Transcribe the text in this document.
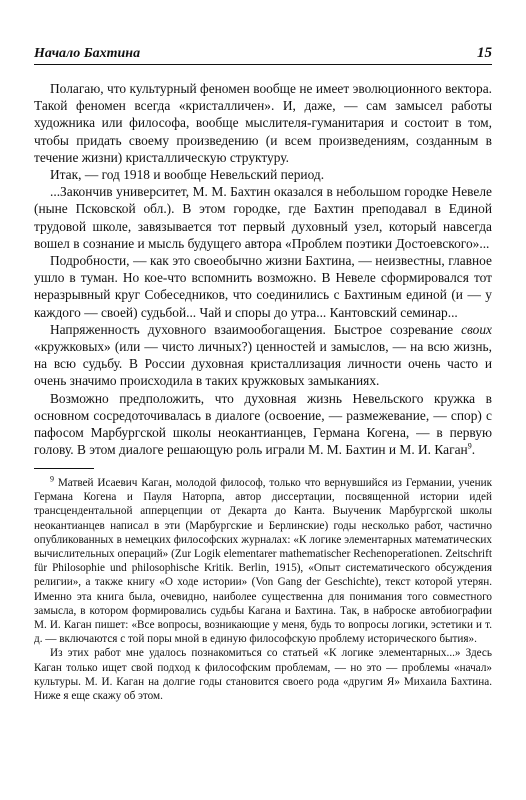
Начало Бахтина	15

Полагаю, что культурный феномен вообще не имеет эволюционного вектора. Такой феномен всегда «кристалличен». И, даже, — сам замысел работы художника или философа, вообще мыслителя-гуманитария и состоит в том, чтобы придать своему произведению (и всем произведениям, созданным в течение жизни) кристаллическую структуру.

Итак, — год 1918 и вообще Невельский период.

...Закончив университет, М. М. Бахтин оказался в небольшом городке Невеле (ныне Псковской обл.). В этом городке, где Бахтин преподавал в Единой трудовой школе, завязывается тот первый духовный узел, который навсегда вошел в сознание и мысль будущего автора «Проблем поэтики Достоевского»...

Подробности, — как это своеобычно жизни Бахтина, — неизвестны, главное ушло в туман. Но кое-что вспомнить возможно. В Невеле сформировался тот неразрывный круг Собеседников, что соединились с Бахтиным единой (и — у каждого — своей) судьбой... Чай и споры до утра... Кантовский семинар...

Напряженность духовного взаимообогащения. Быстрое созревание своих «кружковых» (или — чисто личных?) ценностей и замыслов, — на всю жизнь, на всю судьбу. В России духовная кристаллизация личности очень часто и очень значимо происходила в таких кружковых замыканиях.

Возможно предположить, что духовная жизнь Невельского кружка в основном сосредоточивалась в диалоге (освоение, — размежевание, — спор) с пафосом Марбургской школы неокантианцев, Германа Когена, — в первую голову. В этом диалоге решающую роль играли М. М. Бахтин и М. И. Каган$^9$.

$^9$ Матвей Исаевич Каган, молодой философ, только что вернувшийся из Германии, ученик Германа Когена и Пауля Наторпа, автор диссертации, посвященной истории идей трансцендентальной апперцепции от Декарта до Канта. Выученик Марбургской школы неокантианцев написал в эти (Марбургские и Берлинские) годы несколько работ, частично опубликованных в немецких философских журналах: «К логике элементарных математических вычислительных операций» (Zur Logik elementarer mathematischer Rechenoperationen. Zeitschrift für Philosophie und philosophische Kritik. Berlin, 1915), «Опыт систематического обсуждения религии», а также книгу «О ходе истории» (Von Gang der Geschichte), текст которой утерян. Именно эта книга была, очевидно, наиболее существенна для понимания того совместного замысла, в котором формировались судьбы Кагана и Бахтина. Так, в наброске автобиографии М. И. Каган пишет: «Все вопросы, возникающие у меня, будь то вопросы логики, эстетики и т. д. — включаются с той поры мной в единую философскую проблему исторического бытия».

Из этих работ мне удалось познакомиться со статьей «К логике элементарных...» Здесь Каган только ищет свой подход к философским проблемам, — но это — проблемы «начал» культуры. М. И. Каган на долгие годы становится своего рода «другим Я» Михаила Бахтина. Ниже я еще скажу об этом.
